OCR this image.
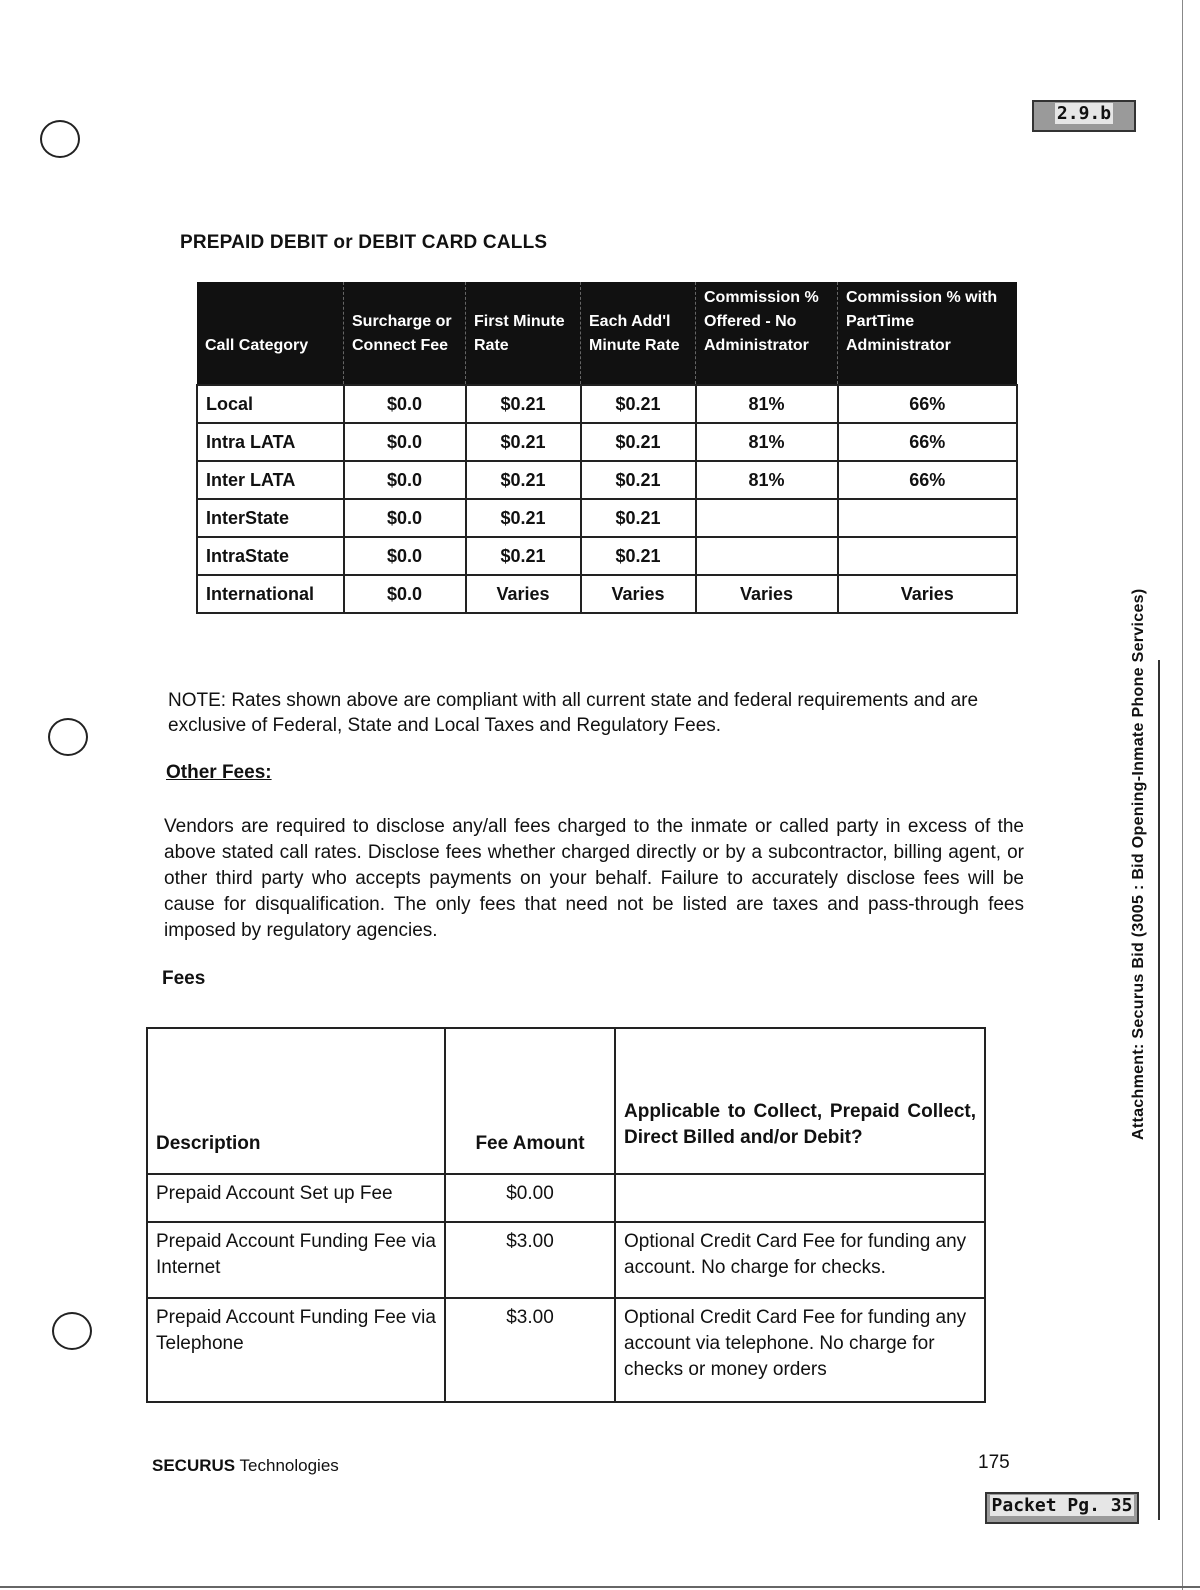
2.9.b
PREPAID DEBIT or DEBIT CARD CALLS
Call Category	Surcharge or Connect Fee	First Minute Rate	Each Add'l Minute Rate	Commission % Offered - No Administrator	Commission % with PartTime Administrator
Local	$0.0	$0.21	$0.21	81%	66%
Intra LATA	$0.0	$0.21	$0.21	81%	66%
Inter LATA	$0.0	$0.21	$0.21	81%	66%
InterState	$0.0	$0.21	$0.21		
IntraState	$0.0	$0.21	$0.21		
International	$0.0	Varies	Varies	Varies	Varies
NOTE: Rates shown above are compliant with all current state and federal requirements and are exclusive of Federal, State and Local Taxes and Regulatory Fees.
Other Fees:
Vendors are required to disclose any/all fees charged to the inmate or called party in excess of the above stated call rates. Disclose fees whether charged directly or by a subcontractor, billing agent, or other third party who accepts payments on your behalf. Failure to accurately disclose fees will be cause for disqualification. The only fees that need not be listed are taxes and pass-through fees imposed by regulatory agencies.
Fees
Description	Fee Amount	Applicable to Collect, Prepaid Collect, Direct Billed and/or Debit?
Prepaid Account Set up Fee	$0.00	
Prepaid Account Funding Fee via Internet	$3.00	Optional Credit Card Fee for funding any account. No charge for checks.
Prepaid Account Funding Fee via Telephone	$3.00	Optional Credit Card Fee for funding any account via telephone. No charge for checks or money orders
SECURUS Technologies	175
Packet Pg. 35
Attachment: Securus Bid (3005 : Bid Opening-Inmate Phone Services)
